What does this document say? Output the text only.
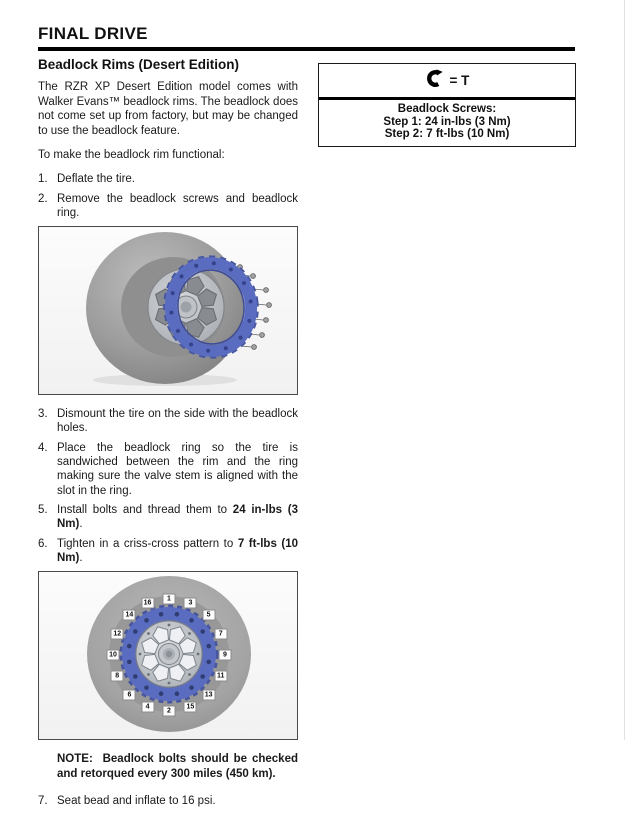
FINAL DRIVE
= T
Beadlock Screws:
Step 1: 24 in-lbs (3 Nm)
Step 2: 7 ft-lbs (10 Nm)
Beadlock Rims (Desert Edition)

The RZR XP Desert Edition model comes with Walker Evans™ beadlock rims. The beadlock does not come set up from factory, but may be changed to use the beadlock feature.

To make the beadlock rim functional:

1. Deflate the tire.
2. Remove the beadlock screws and beadlock ring.
3. Dismount the tire on the side with the beadlock holes.
4. Place the beadlock ring so the tire is sandwiched between the rim and the ring making sure the valve stem is aligned with the slot in the ring.
5. Install bolts and thread them to 24 in-lbs (3 Nm).
6. Tighten in a criss-cross pattern to 7 ft-lbs (10 Nm).
1
3
5
7
9
11
13
15
2
4
6
8
10
12
14
16

NOTE: Beadlock bolts should be checked and retorqued every 300 miles (450 km).

7. Seat bead and inflate to 16 psi.
